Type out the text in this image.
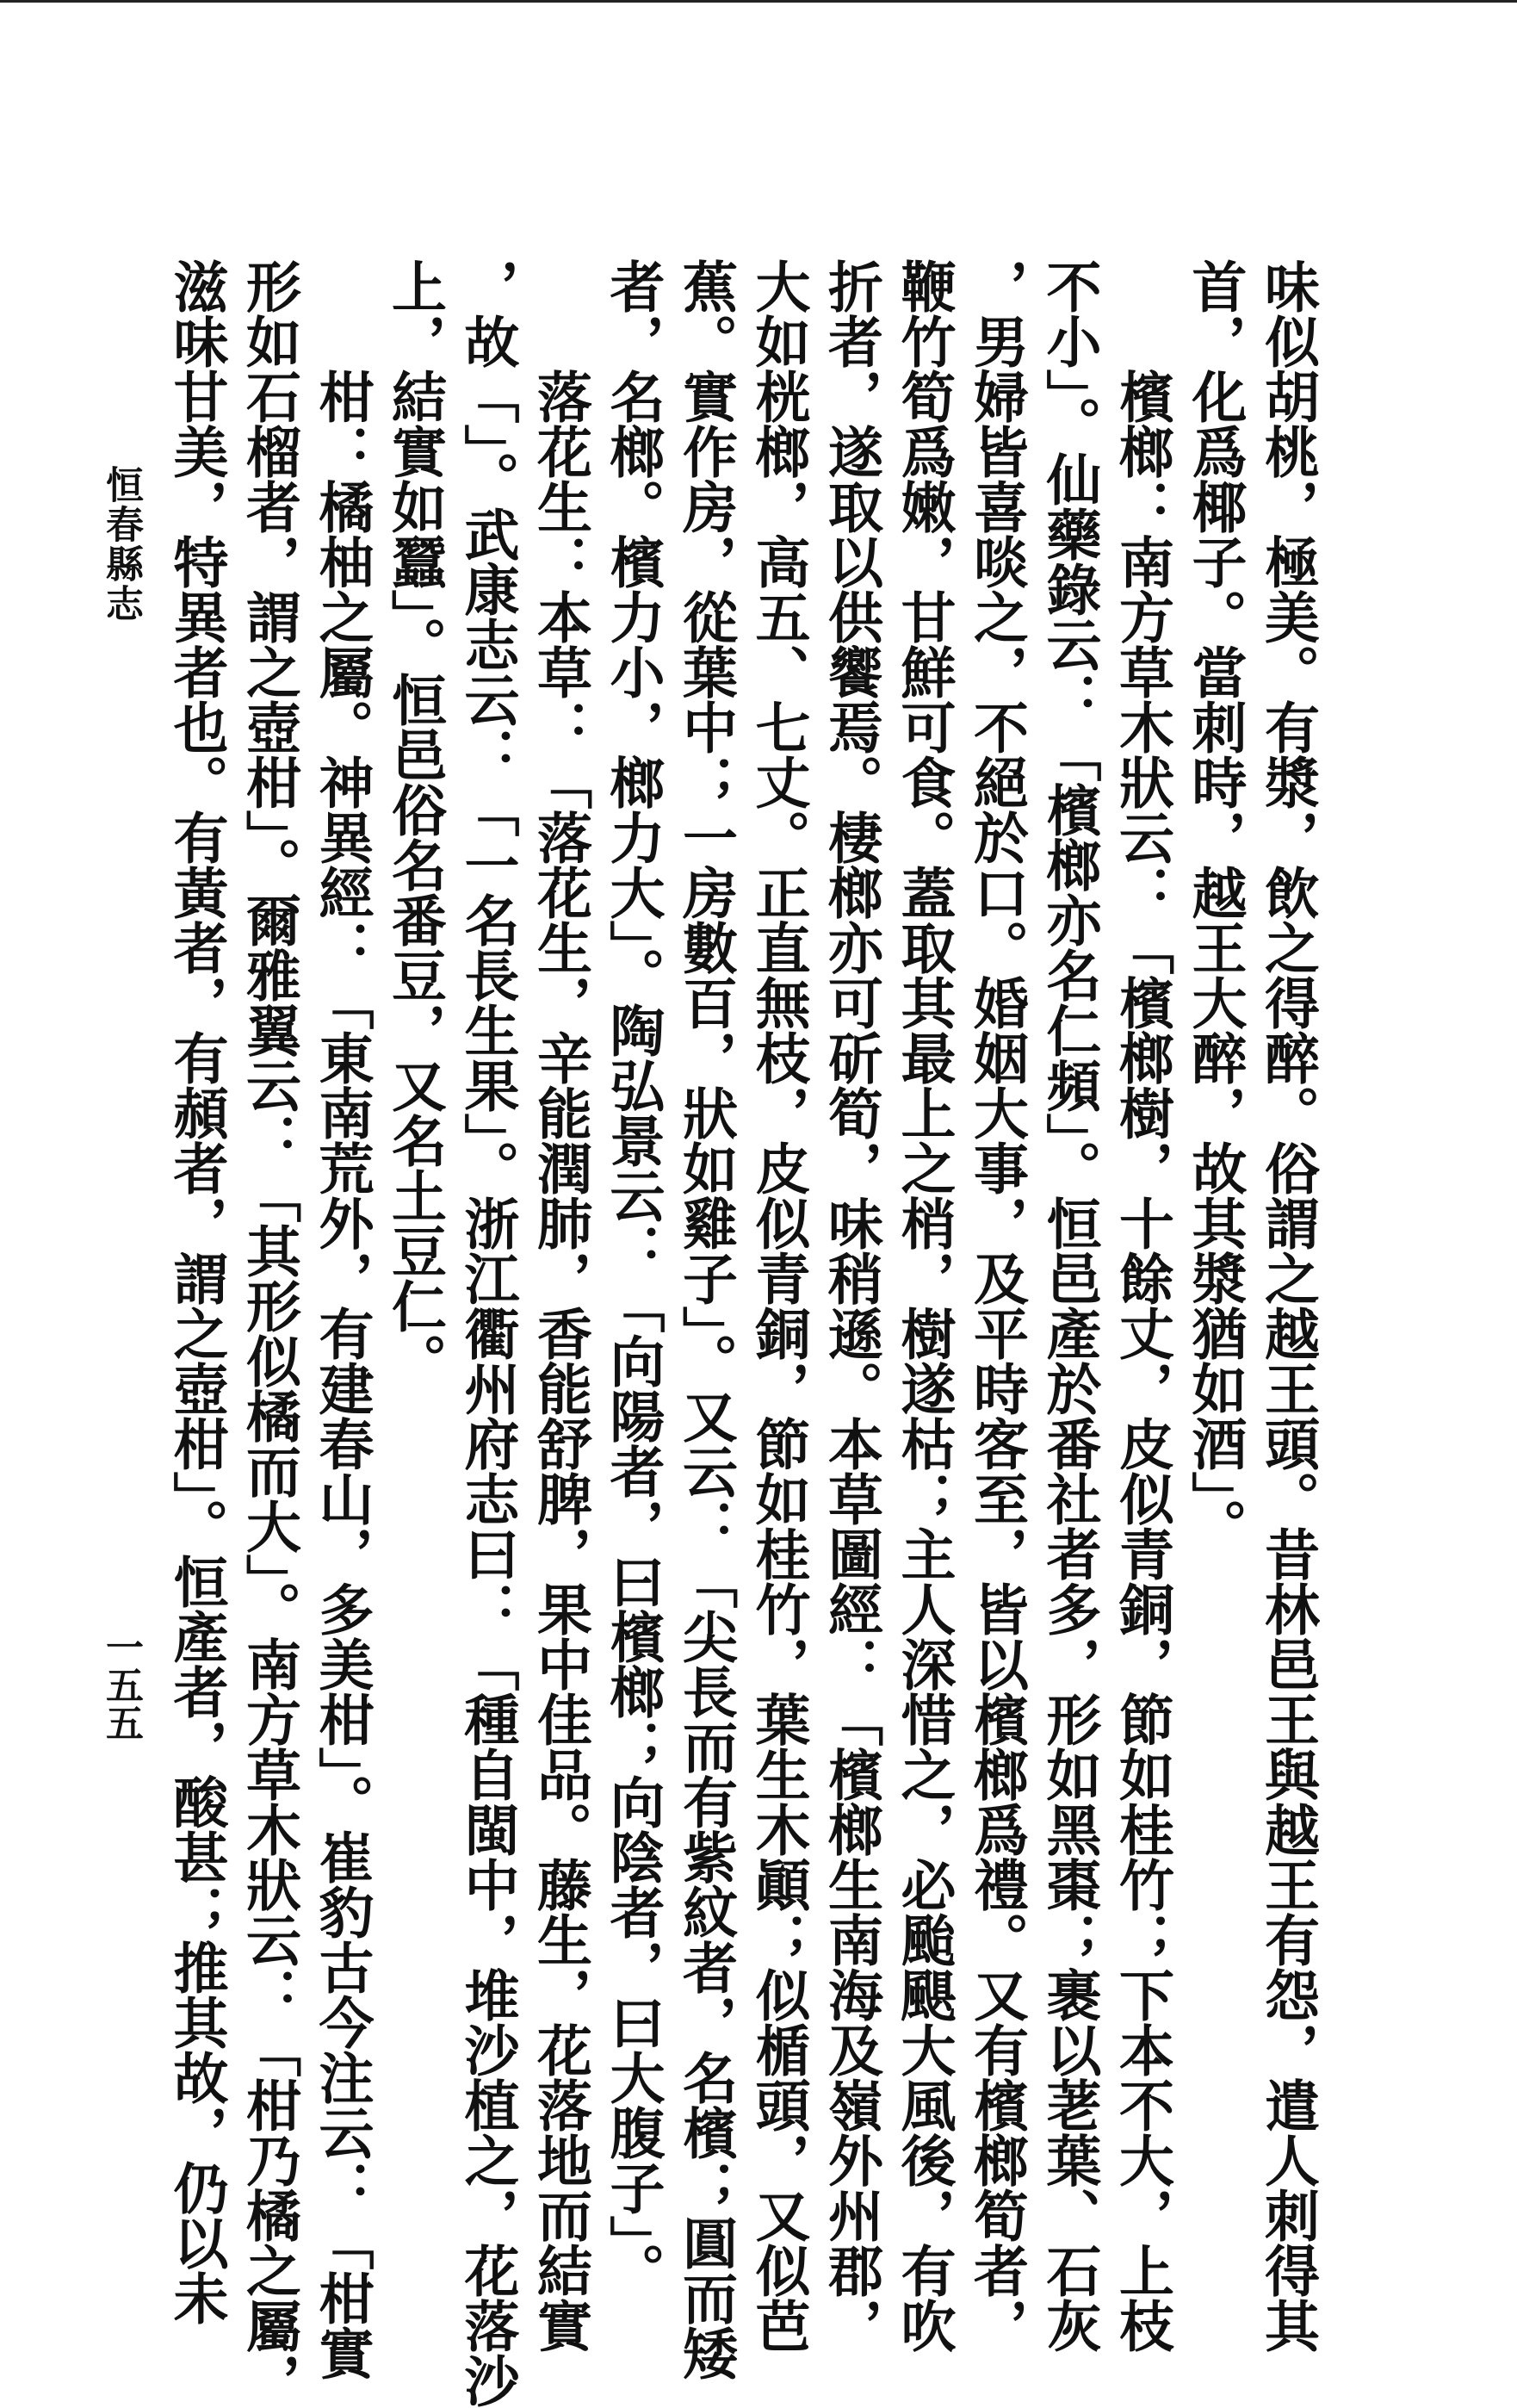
味似胡桃，極美。有漿，飲之得醉。俗謂之越王頭。昔林邑王與越王有怨，遣人刺得其
首，化爲椰子。當刺時，越王大醉，故其漿猶如酒」。
檳榔：南方草木狀云：「檳榔樹，十餘丈，皮似青銅，節如桂竹；下本不大，上枝
不小」。仙藥錄云：「檳榔亦名仁頻」。恒邑產於番社者多，形如黑棗；裹以荖葉、石灰
，男婦皆喜啖之，不絕於口。婚姻大事，及平時客至，皆以檳榔爲禮。又有檳榔筍者，
鞭竹筍爲嫩，甘鮮可食。蓋取其最上之梢，樹遂枯；主人深惜之，必颱颶大風後，有吹
折者，遂取以供饗焉。棲榔亦可斫筍，味稍遜。本草圖經：「檳榔生南海及嶺外州郡，
大如桄榔，高五、七丈。正直無枝，皮似青銅，節如桂竹，葉生木顚；似楯頭，又似芭
蕉。實作房，從葉中；一房數百，狀如雞子」。又云：「尖長而有紫紋者，名檳；圓而矮
者，名榔。檳力小，榔力大」。陶弘景云：「向陽者，曰檳榔；向陰者，曰大腹子」。
落花生：本草：「落花生，辛能潤肺，香能舒脾，果中佳品。藤生，花落地而結實
，故「」。武康志云：「一名長生果」。浙江衢州府志曰：「種自閩中，堆沙植之，花落沙
上，結實如蠶」。恒邑俗名番豆，又名土豆仁。
柑：橘柚之屬。神異經：「東南荒外，有建春山，多美柑」。崔豹古今注云：「柑實
形如石榴者，謂之壺柑」。爾雅翼云：「其形似橘而大」。南方草木狀云：「柑乃橘之屬，
滋味甘美，特異者也。有黃者，有頳者，謂之壺柑」。恒產者，酸甚；推其故，仍以未
恒春縣志
一五五
